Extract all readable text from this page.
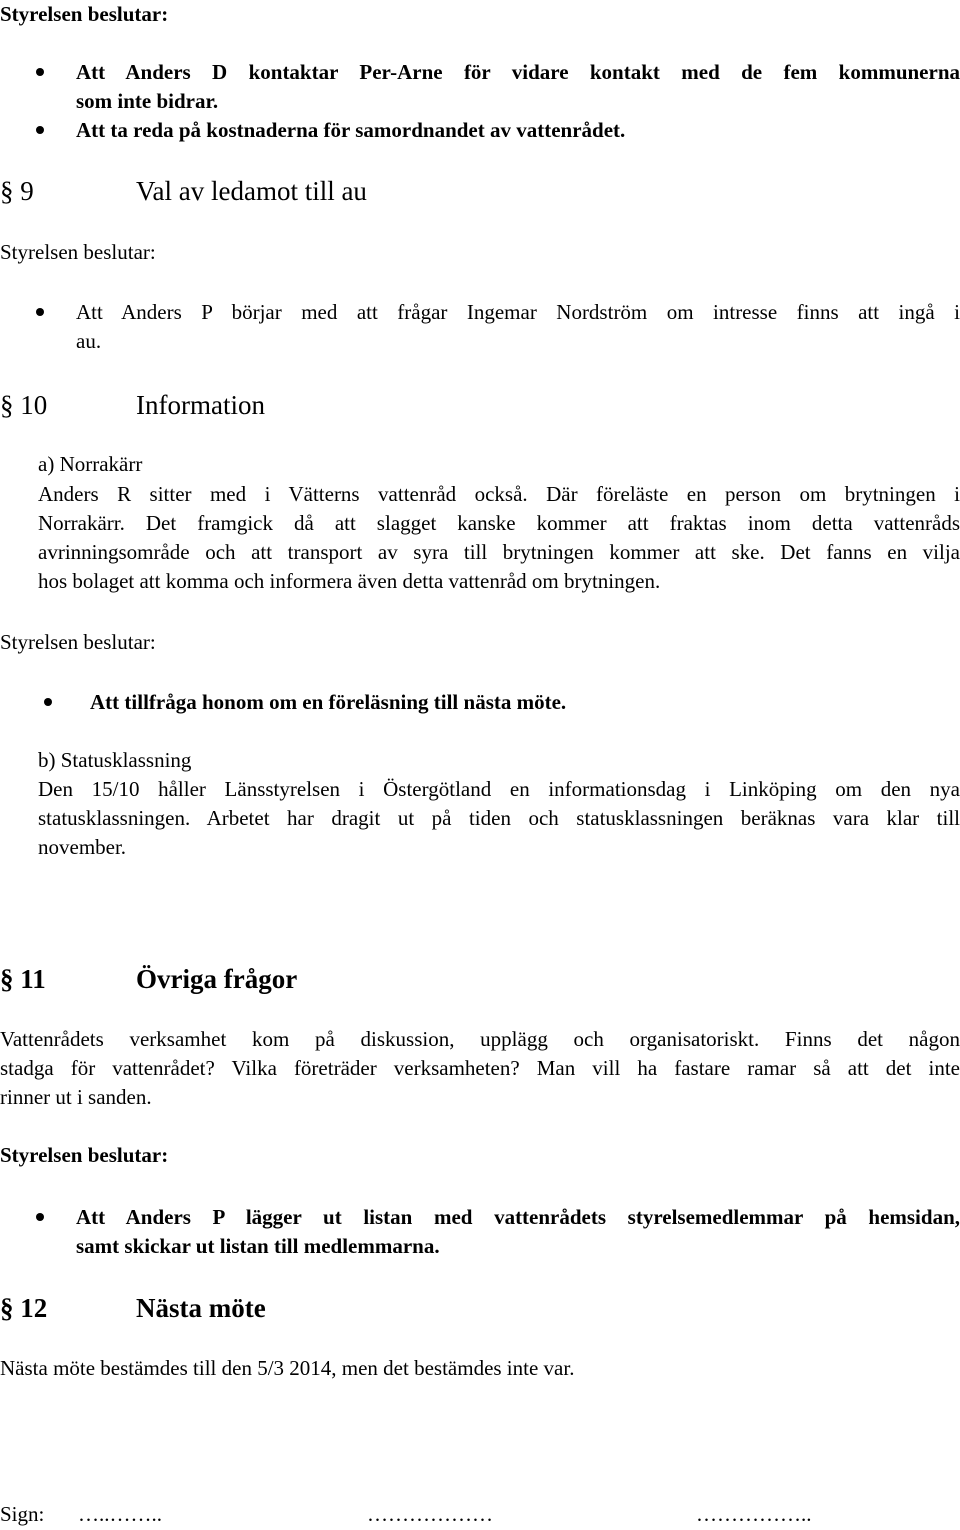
Styrelsen beslutar:
Att Anders D kontaktar Per-Arne för vidare kontakt med de fem kommunerna
som inte bidrar.
Att ta reda på kostnaderna för samordnandet av vattenrådet.
§ 9	Val av ledamot till au
Styrelsen beslutar:
Att Anders P börjar med att frågar Ingemar Nordström om intresse finns att ingå i
au.
§ 10	Information
a) Norrakärr
Anders R sitter med i Vätterns vattenråd också. Där föreläste en person om brytningen i
Norrakärr. Det framgick då att slagget kanske kommer att fraktas inom detta vattenråds
avrinningsområde och att transport av syra till brytningen kommer att ske. Det fanns en vilja
hos bolaget att komma och informera även detta vattenråd om brytningen.
Styrelsen beslutar:
Att tillfråga honom om en föreläsning till nästa möte.
b) Statusklassning
Den 15/10 håller Länsstyrelsen i Östergötland en informationsdag i Linköping om den nya
statusklassningen. Arbetet har dragit ut på tiden och statusklassningen beräknas vara klar till
november.
§ 11	Övriga frågor
Vattenrådets verksamhet kom på diskussion, upplägg och organisatoriskt. Finns det någon
stadga för vattenrådet? Vilka företräder verksamheten? Man vill ha fastare ramar så att det inte
rinner ut i sanden.
Styrelsen beslutar:
Att Anders P lägger ut listan med vattenrådets styrelsemedlemmar på hemsidan,
samt skickar ut listan till medlemmarna.
§ 12	Nästa möte
Nästa möte bestämdes till den 5/3 2014, men det bestämdes inte var.
Sign: …..……..	………………	……………..
